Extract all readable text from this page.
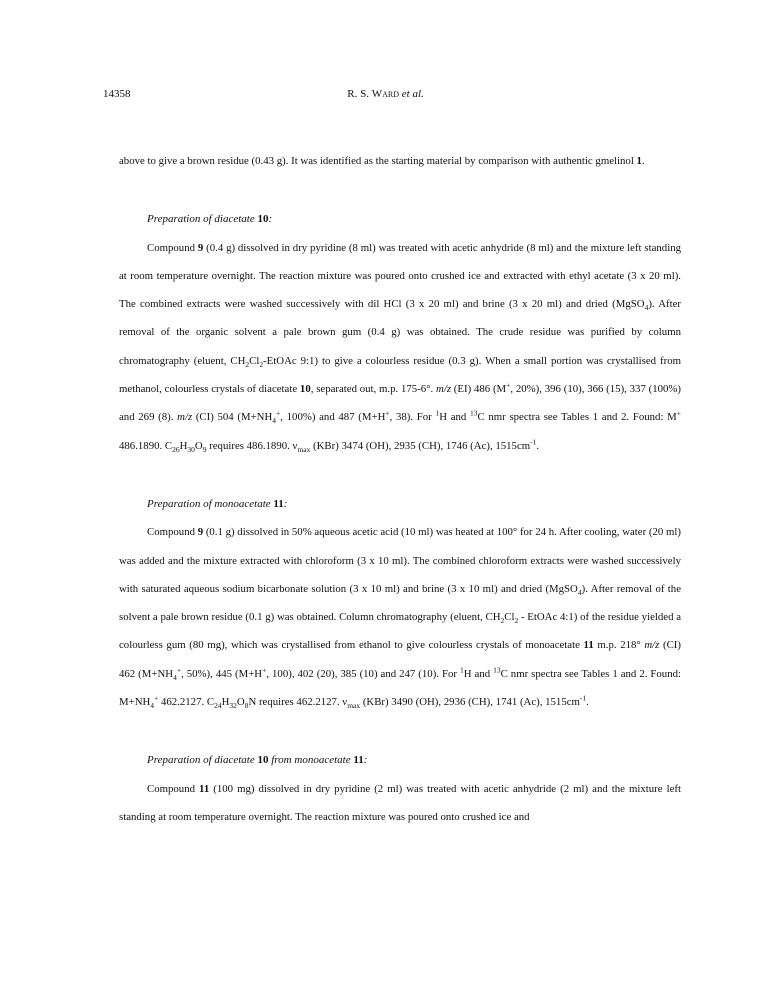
14358	R. S. Ward et al.

above to give a brown residue (0.43 g). It was identified as the starting material by comparison with authentic gmelinol 1.

Preparation of diacetate 10:

Compound 9 (0.4 g) dissolved in dry pyridine (8 ml) was treated with acetic anhydride (8 ml) and the mixture left standing at room temperature overnight. The reaction mixture was poured onto crushed ice and extracted with ethyl acetate (3 x 20 ml). The combined extracts were washed successively with dil HCl (3 x 20 ml) and brine (3 x 20 ml) and dried (MgSO$_4$). After removal of the organic solvent a pale brown gum (0.4 g) was obtained. The crude residue was purified by column chromatography (eluent, $CH_2Cl_2$-EtOAc 9:1) to give a colourless residue (0.3 g). When a small portion was crystallised from methanol, colourless crystals of diacetate 10, separated out, m.p. 175-6°. m/z (EI) 486 (M+, 20%), 396 (10), 366 (15), 337 (100%) and 269 (8). m/z (CI) 504 ($M+NH_4^+$, 100%) and 487 (M+H+, 38). For $^1$H and $^{13}$C nmr spectra see Tables 1 and 2. Found: M+ 486.1890. $C_{26}H_{30}O_9$ requires 486.1890. $\nu_{max}$ (KBr) 3474 (OH), 2935 (CH), 1746 (Ac), $1515cm^{-1}$.

Preparation of monoacetate 11:

Compound 9 (0.1 g) dissolved in 50% aqueous acetic acid (10 ml) was heated at 100° for 24 h. After cooling, water (20 ml) was added and the mixture extracted with chloroform (3 x 10 ml). The combined chloroform extracts were washed successively with saturated aqueous sodium bicarbonate solution (3 x 10 ml) and brine (3 x 10 ml) and dried (MgSO$_4$). After removal of the solvent a pale brown residue (0.1 g) was obtained. Column chromatography (eluent, $CH_2Cl_2$ - EtOAc 4:1) of the residue yielded a colourless gum (80 mg), which was crystallised from ethanol to give colourless crystals of monoacetate 11 m.p. 218° m/z (CI) 462 ($M+NH_4^+$, 50%), 445 (M+H+, 100), 402 (20), 385 (10) and 247 (10). For $^1$H and $^{13}$C nmr spectra see Tables 1 and 2. Found: $M+NH_4^+$ 462.2127. $C_{24}H_{32}O_8N$ requires 462.2127. $\nu_{max}$ (KBr) 3490 (OH), 2936 (CH), 1741 (Ac), $1515cm^{-1}$.

Preparation of diacetate 10 from monoacetate 11:

Compound 11 (100 mg) dissolved in dry pyridine (2 ml) was treated with acetic anhydride (2 ml) and the mixture left standing at room temperature overnight. The reaction mixture was poured onto crushed ice and
